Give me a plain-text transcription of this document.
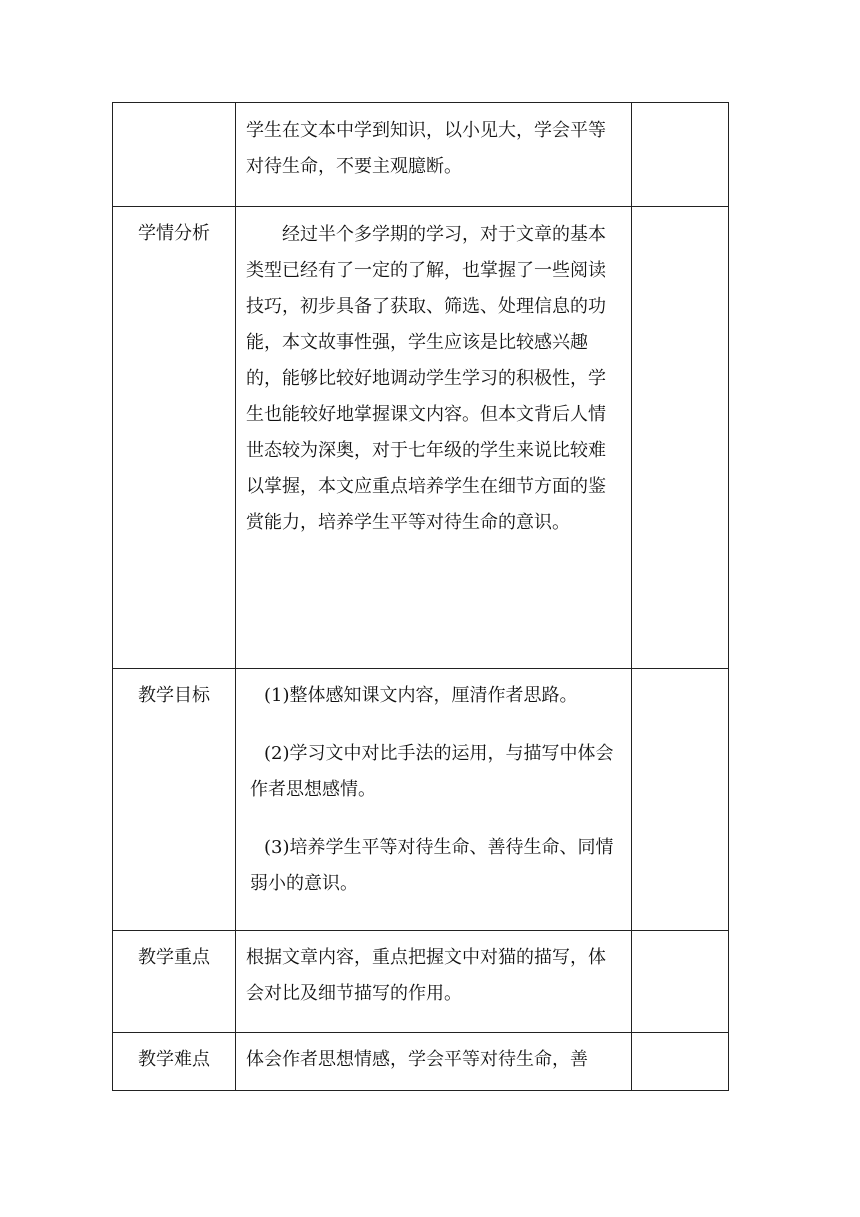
	学生在文本中学到知识，以小见大，学会平等对待生命，不要主观臆断。	

学情分析	经过半个多学期的学习，对于文章的基本类型已经有了一定的了解，也掌握了一些阅读技巧，初步具备了获取、筛选、处理信息的功能，本文故事性强，学生应该是比较感兴趣的，能够比较好地调动学生学习的积极性，学生也能较好地掌握课文内容。但本文背后人情世态较为深奥，对于七年级的学生来说比较难以掌握，本文应重点培养学生在细节方面的鉴赏能力，培养学生平等对待生命的意识。	

教学目标	(1)整体感知课文内容，厘清作者思路。

(2)学习文中对比手法的运用，与描写中体会作者思想感情。

(3)培养学生平等对待生命、善待生命、同情弱小的意识。	

教学重点	根据文章内容，重点把握文中对猫的描写，体会对比及细节描写的作用。	

教学难点	体会作者思想情感，学会平等对待生命，善	
